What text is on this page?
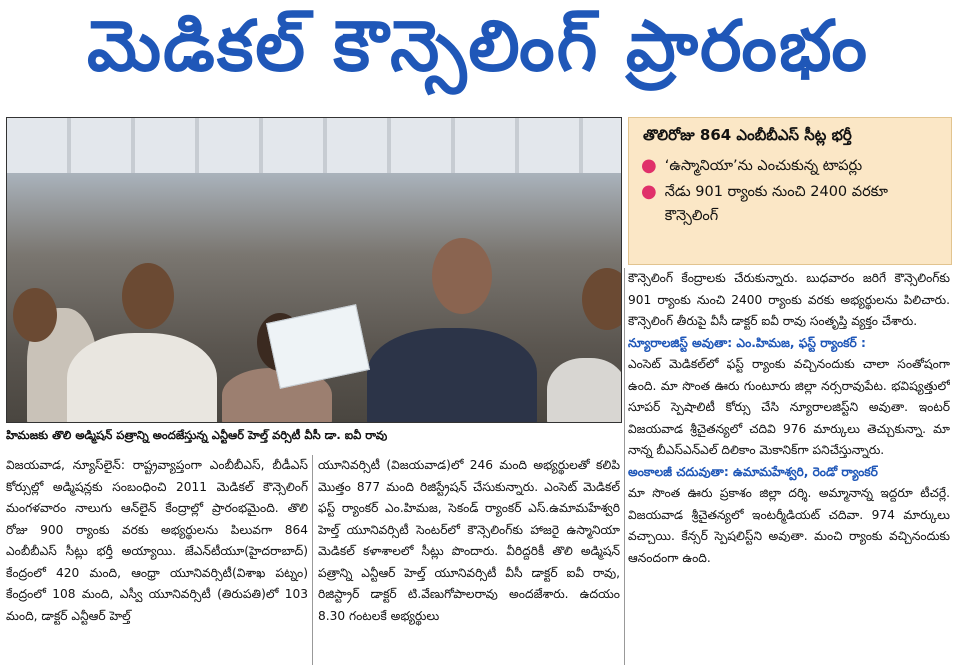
మెడికల్ కౌన్సెలింగ్ ప్రారంభం
హిమజకు తొలి అడ్మిషన్ పత్రాన్ని అందజేస్తున్న ఎన్టీఆర్ హెల్త్ వర్సిటీ వీసీ డా. ఐవీ రావు
తొలిరోజు 864 ఎంబీబీఎస్ సీట్ల భర్తీ
● ‘ఉస్మానియా’ను ఎంచుకున్న టాపర్లు
● నేడు 901 ర్యాంకు నుంచి 2400 వరకూ కౌన్సెలింగ్

విజయవాడ, న్యూస్‌లైన్: రాష్ట్రవ్యాప్తంగా ఎంబీబీఎస్, బీడీఎస్ కోర్సుల్లో అడ్మిషన్లకు సంబంధించి 2011 మెడికల్ కౌన్సెలింగ్ మంగళవారం నాలుగు ఆన్‌లైన్ కేంద్రాల్లో ప్రారంభమైంది. తొలి రోజు 900 ర్యాంకు వరకు అభ్యర్థులను పిలువగా 864 ఎంబీబీఎస్ సీట్లు భర్తీ అయ్యాయి. జేఎన్‌టీయూ(హైదరాబాద్) కేంద్రంలో 420 మంది, ఆంధ్రా యూనివర్సిటీ(విశాఖ పట్నం) కేంద్రంలో 108 మంది, ఎస్వీ యూనివర్సిటీ (తిరుపతి)లో 103 మంది, డాక్టర్ ఎన్టీఆర్ హెల్త్

యూనివర్సిటీ (విజయవాడ)లో 246 మంది అభ్యర్థులతో కలిపి మొత్తం 877 మంది రిజిస్ట్రేషన్ చేసుకున్నారు. ఎంసెట్ మెడికల్ ఫస్ట్ ర్యాంకర్ ఎం.హిమజ, సెకండ్ ర్యాంకర్ ఎస్.ఉమామహేశ్వరి హెల్త్ యూనివర్సిటీ సెంటర్‌లో కౌన్సెలింగ్‌కు హాజరై ఉస్మానియా మెడికల్ కళాశాలలో సీట్లు పొందారు. వీరిద్దరికీ తొలి అడ్మిషన్ పత్రాన్ని ఎన్టీఆర్ హెల్త్ యూనివర్సిటీ వీసీ డాక్టర్ ఐవీ రావు, రిజిస్ట్రార్ డాక్టర్ టి.వేణుగోపాలరావు అందజేశారు. ఉదయం 8.30 గంటలకే అభ్యర్థులు

కౌన్సెలింగ్ కేంద్రాలకు చేరుకున్నారు. బుధవారం జరిగే కౌన్సెలింగ్‌కు 901 ర్యాంకు నుంచి 2400 ర్యాంకు వరకు అభ్యర్థులను పిలిచారు. కౌన్సెలింగ్ తీరుపై వీసీ డాక్టర్ ఐవీ రావు సంతృప్తి వ్యక్తం చేశారు.

న్యూరాలజిస్ట్ అవుతా: ఎం.హిమజ, ఫస్ట్ ర్యాంకర్ :

ఎంసెట్ మెడికల్‌లో ఫస్ట్ ర్యాంకు వచ్చినందుకు చాలా సంతోషంగా ఉంది. మా సొంత ఊరు గుంటూరు జిల్లా నర్సరావుపేట. భవిష్యత్తులో సూపర్ స్పెషాలిటీ కోర్సు చేసి న్యూరాలజిస్ట్‌ని అవుతా. ఇంటర్ విజయవాడ శ్రీచైతన్యలో చదివి 976 మార్కులు తెచ్చుకున్నా. మా నాన్న బీఎస్‌ఎన్‌ఎల్ దిలికాం మెకానిక్‌గా పనిచేస్తున్నారు.

అంకాలజీ చదువుతా: ఉమామహేశ్వరి, రెండో ర్యాంకర్

మా సొంత ఊరు ప్రకాశం జిల్లా దర్శి. అమ్మానాన్న ఇద్దరూ టీచర్లే. విజయవాడ శ్రీచైతన్యలో ఇంటర్మీడియట్ చదివా. 974 మార్కులు వచ్చాయి. కేన్సర్ స్పెషలిస్ట్‌ని అవుతా. మంచి ర్యాంకు వచ్చినందుకు ఆనందంగా ఉంది.
